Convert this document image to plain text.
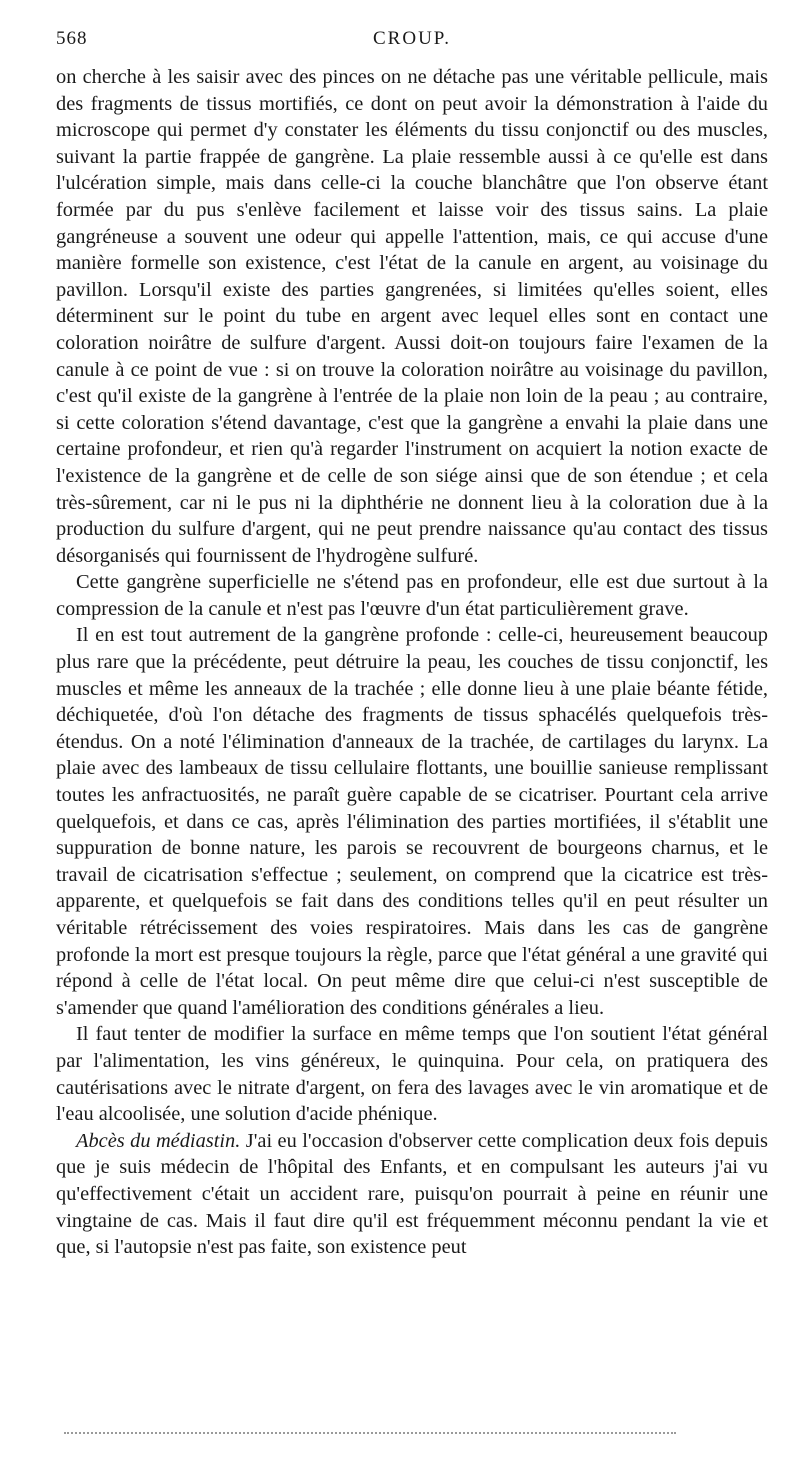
568	CROUP.

on cherche à les saisir avec des pinces on ne détache pas une véritable pellicule, mais des fragments de tissus mortifiés, ce dont on peut avoir la démonstration à l'aide du microscope qui permet d'y constater les éléments du tissu conjonctif ou des muscles, suivant la partie frappée de gangrène. La plaie ressemble aussi à ce qu'elle est dans l'ulcération simple, mais dans celle-ci la couche blanchâtre que l'on observe étant formée par du pus s'enlève facilement et laisse voir des tissus sains. La plaie gangréneuse a souvent une odeur qui appelle l'attention, mais, ce qui accuse d'une manière formelle son existence, c'est l'état de la canule en argent, au voisinage du pavillon. Lorsqu'il existe des parties gangrenées, si limitées qu'elles soient, elles déterminent sur le point du tube en argent avec lequel elles sont en contact une coloration noirâtre de sulfure d'argent. Aussi doit-on toujours faire l'examen de la canule à ce point de vue : si on trouve la coloration noirâtre au voisinage du pavillon, c'est qu'il existe de la gangrène à l'entrée de la plaie non loin de la peau ; au contraire, si cette coloration s'étend davantage, c'est que la gangrène a envahi la plaie dans une certaine profondeur, et rien qu'à regarder l'instrument on acquiert la notion exacte de l'existence de la gangrène et de celle de son siége ainsi que de son étendue ; et cela très-sûrement, car ni le pus ni la diphthérie ne donnent lieu à la coloration due à la production du sulfure d'argent, qui ne peut prendre naissance qu'au contact des tissus désorganisés qui fournissent de l'hydrogène sulfuré.

Cette gangrène superficielle ne s'étend pas en profondeur, elle est due surtout à la compression de la canule et n'est pas l'œuvre d'un état particulièrement grave.

Il en est tout autrement de la gangrène profonde : celle-ci, heureusement beaucoup plus rare que la précédente, peut détruire la peau, les couches de tissu conjonctif, les muscles et même les anneaux de la trachée ; elle donne lieu à une plaie béante fétide, déchiquetée, d'où l'on détache des fragments de tissus sphacélés quelquefois très-étendus. On a noté l'élimination d'anneaux de la trachée, de cartilages du larynx. La plaie avec des lambeaux de tissu cellulaire flottants, une bouillie sanieuse remplissant toutes les anfractuosités, ne paraît guère capable de se cicatriser. Pourtant cela arrive quelquefois, et dans ce cas, après l'élimination des parties mortifiées, il s'établit une suppuration de bonne nature, les parois se recouvrent de bourgeons charnus, et le travail de cicatrisation s'effectue ; seulement, on comprend que la cicatrice est très-apparente, et quelquefois se fait dans des conditions telles qu'il en peut résulter un véritable rétrécissement des voies respiratoires. Mais dans les cas de gangrène profonde la mort est presque toujours la règle, parce que l'état général a une gravité qui répond à celle de l'état local. On peut même dire que celui-ci n'est susceptible de s'amender que quand l'amélioration des conditions générales a lieu.

Il faut tenter de modifier la surface en même temps que l'on soutient l'état général par l'alimentation, les vins généreux, le quinquina. Pour cela, on pratiquera des cautérisations avec le nitrate d'argent, on fera des lavages avec le vin aromatique et de l'eau alcoolisée, une solution d'acide phénique.

Abcès du médiastin. J'ai eu l'occasion d'observer cette complication deux fois depuis que je suis médecin de l'hôpital des Enfants, et en compulsant les auteurs j'ai vu qu'effectivement c'était un accident rare, puisqu'on pourrait à peine en réunir une vingtaine de cas. Mais il faut dire qu'il est fréquemment méconnu pendant la vie et que, si l'autopsie n'est pas faite, son existence peut
